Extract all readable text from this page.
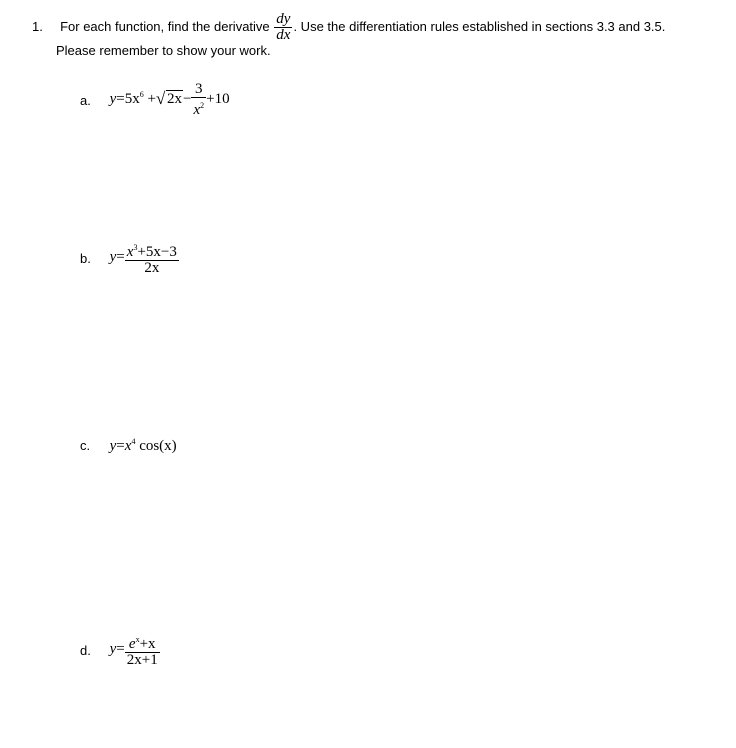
1. For each function, find the derivative $\frac{dy}{dx}$ . Use the differentiation rules established in sections 3.3 and 3.5.
Please remember to show your work.
a. $y=5x^6$ + √ $2x- \frac{3}{x^2} +10$
b. $y= \frac{x^3+5x-3}{2x}$
c. $y=x^4$ cos(x)
d. $y= \frac{e^x+x}{2x+1}$
